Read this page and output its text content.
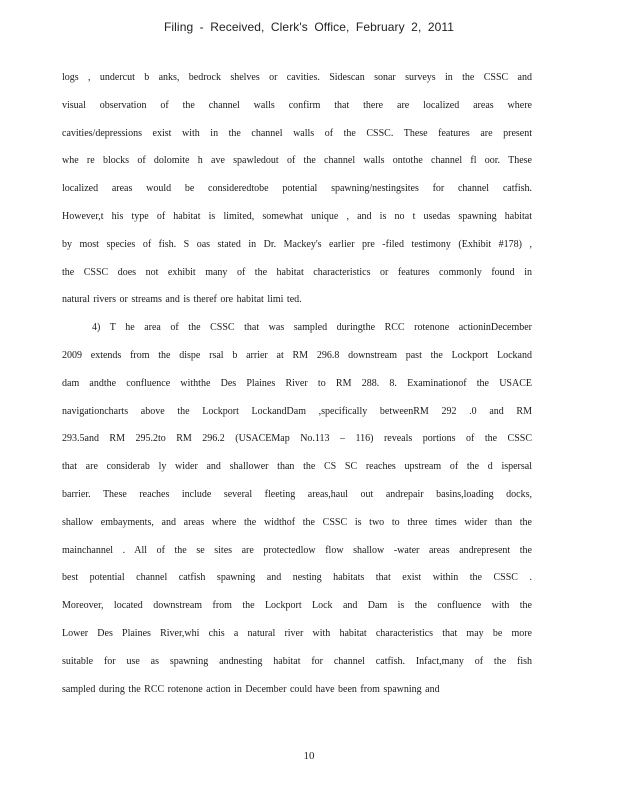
Filing - Received, Clerk's Office, February 2, 2011
logs , undercut b anks, bedrock shelves or cavities. Sidescan sonar surveys in the CSSC and
visual observation of the channel walls confirm that there are localized areas where
cavities/depressions exist with in the channel walls of the CSSC. These features are present
whe re blocks of dolomite h ave spawledout of the channel walls ontothe channel fl oor. These
localized areas would be consideredtobe potential spawning/nestingsites for channel catfish.
However,t his type of habitat is limited, somewhat unique , and is no t usedas spawning habitat
by most species of fish. S oas stated in Dr. Mackey's earlier pre -filed testimony (Exhibit #178) ,
the CSSC does not exhibit many of the habitat characteristics or features commonly found in
natural rivers or streams and is theref ore habitat limi ted.
4) T he area of the CSSC that was sampled duringthe RCC rotenone actioninDecember
2009 extends from the dispe rsal b arrier at RM 296.8 downstream past the Lockport Lockand
dam andthe confluence withthe Des Plaines River to RM 288. 8. Examinationof the USACE
navigationcharts above the Lockport LockandDam ,specifically betweenRM 292 .0 and RM
293.5and RM 295.2to RM 296.2 (USACEMap No.113 – 116) reveals portions of the CSSC
that are considerab ly wider and shallower than the CS SC reaches upstream of the d ispersal
barrier. These reaches include several fleeting areas,haul out andrepair basins,loading docks,
shallow embayments, and areas where the widthof the CSSC is two to three times wider than the
mainchannel . All of the se sites are protectedlow flow shallow -water areas andrepresent the
best potential channel catfish spawning and nesting habitats that exist within the CSSC .
Moreover, located downstream from the Lockport Lock and Dam is the confluence with the
Lower Des Plaines River,whi chis a natural river with habitat characteristics that may be more
suitable for use as spawning andnesting habitat for channel catfish. Infact,many of the fish
sampled during the RCC rotenone action in December could have been from spawning and
10
